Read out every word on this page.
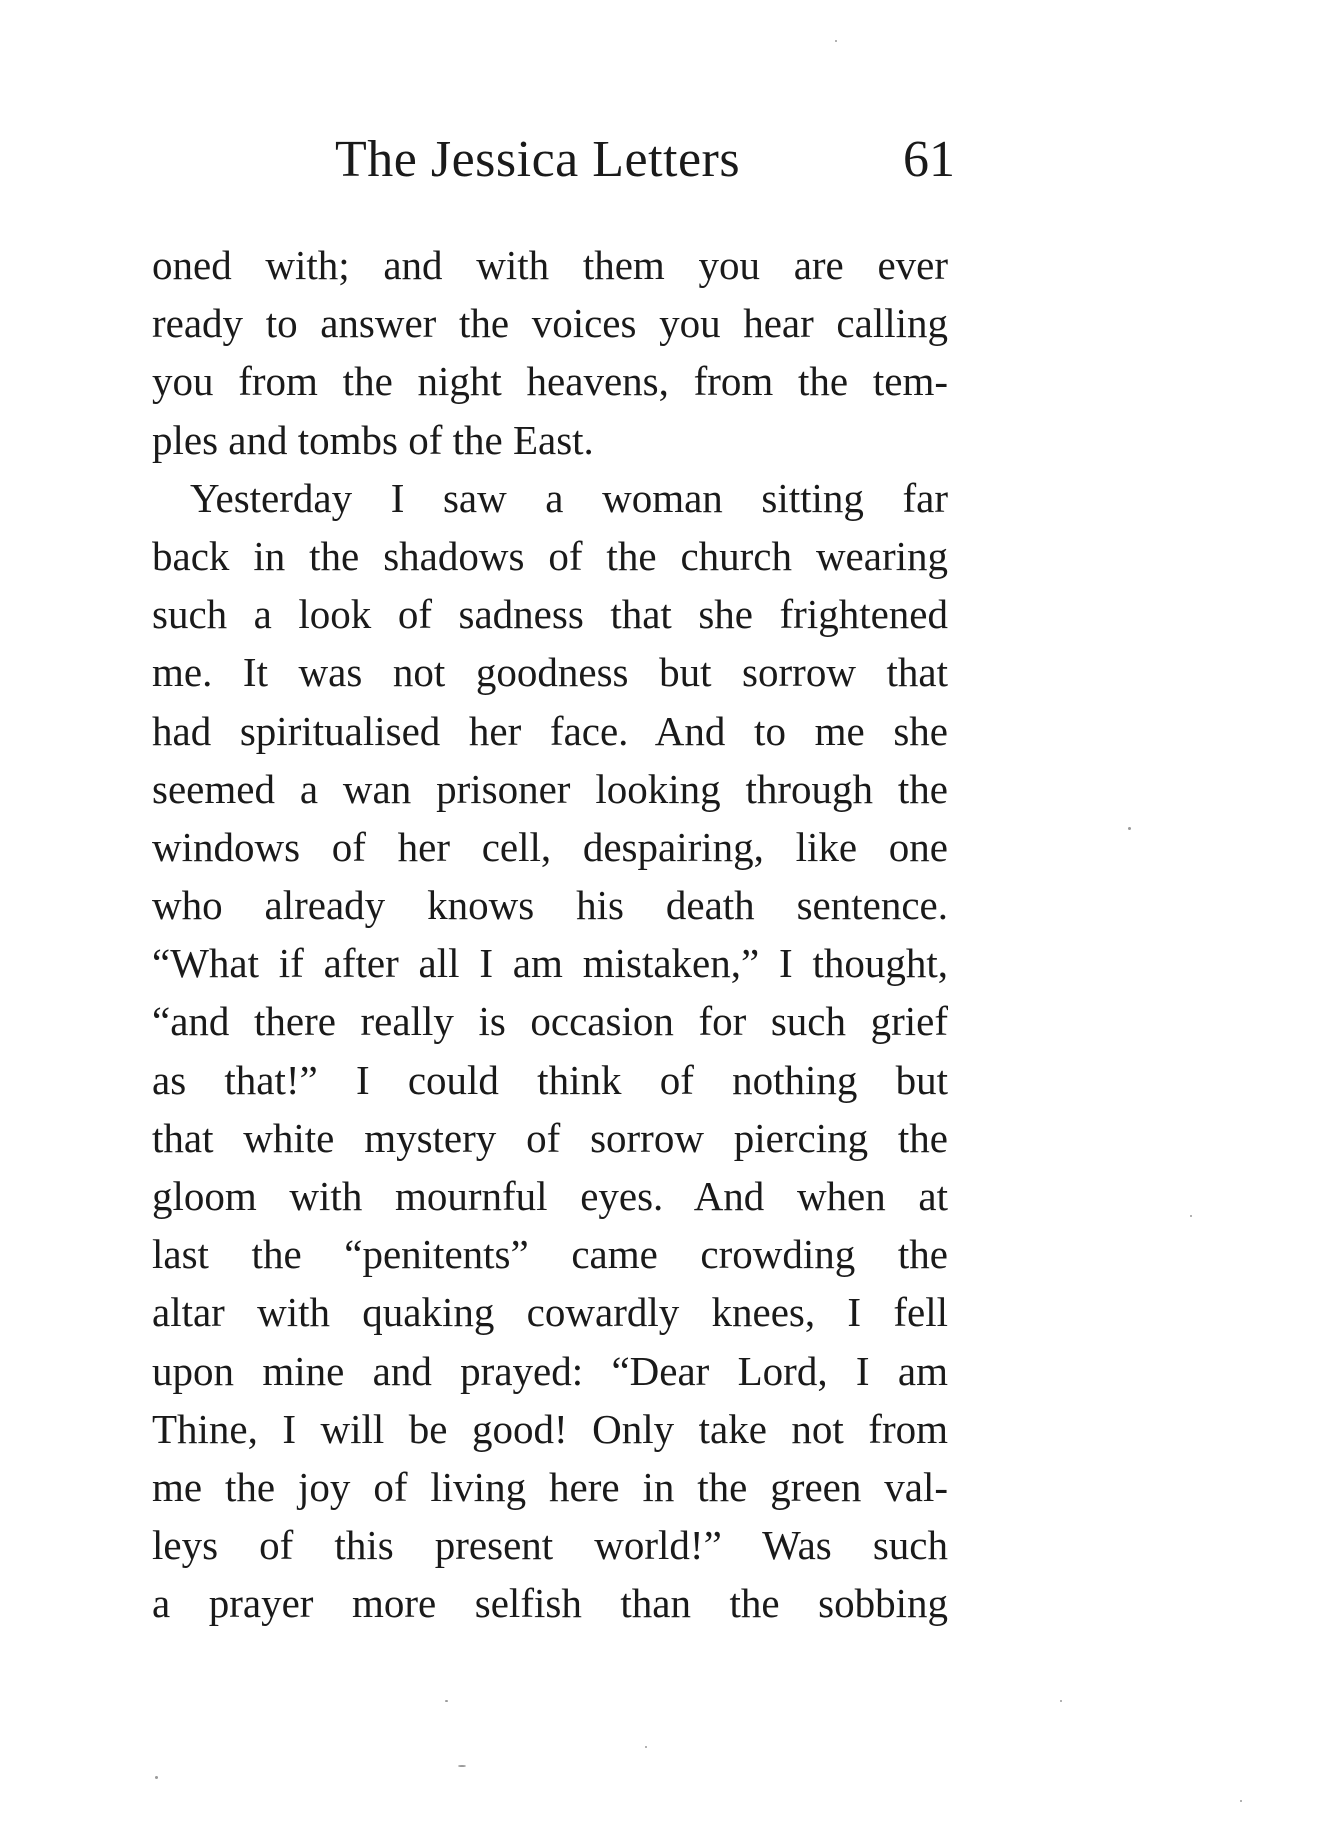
The Jessica Letters	61
oned with; and with them you are ever
ready to answer the voices you hear calling
you from the night heavens, from the tem-
ples and tombs of the East.
Yesterday I saw a woman sitting far
back in the shadows of the church wearing
such a look of sadness that she frightened
me. It was not goodness but sorrow that
had spiritualised her face. And to me she
seemed a wan prisoner looking through the
windows of her cell, despairing, like one
who already knows his death sentence.
“What if after all I am mistaken,” I thought,
“and there really is occasion for such grief
as that!” I could think of nothing but
that white mystery of sorrow piercing the
gloom with mournful eyes. And when at
last the “penitents” came crowding the
altar with quaking cowardly knees, I fell
upon mine and prayed: “Dear Lord, I am
Thine, I will be good! Only take not from
me the joy of living here in the green val-
leys of this present world!” Was such
a prayer more selfish than the sobbing
